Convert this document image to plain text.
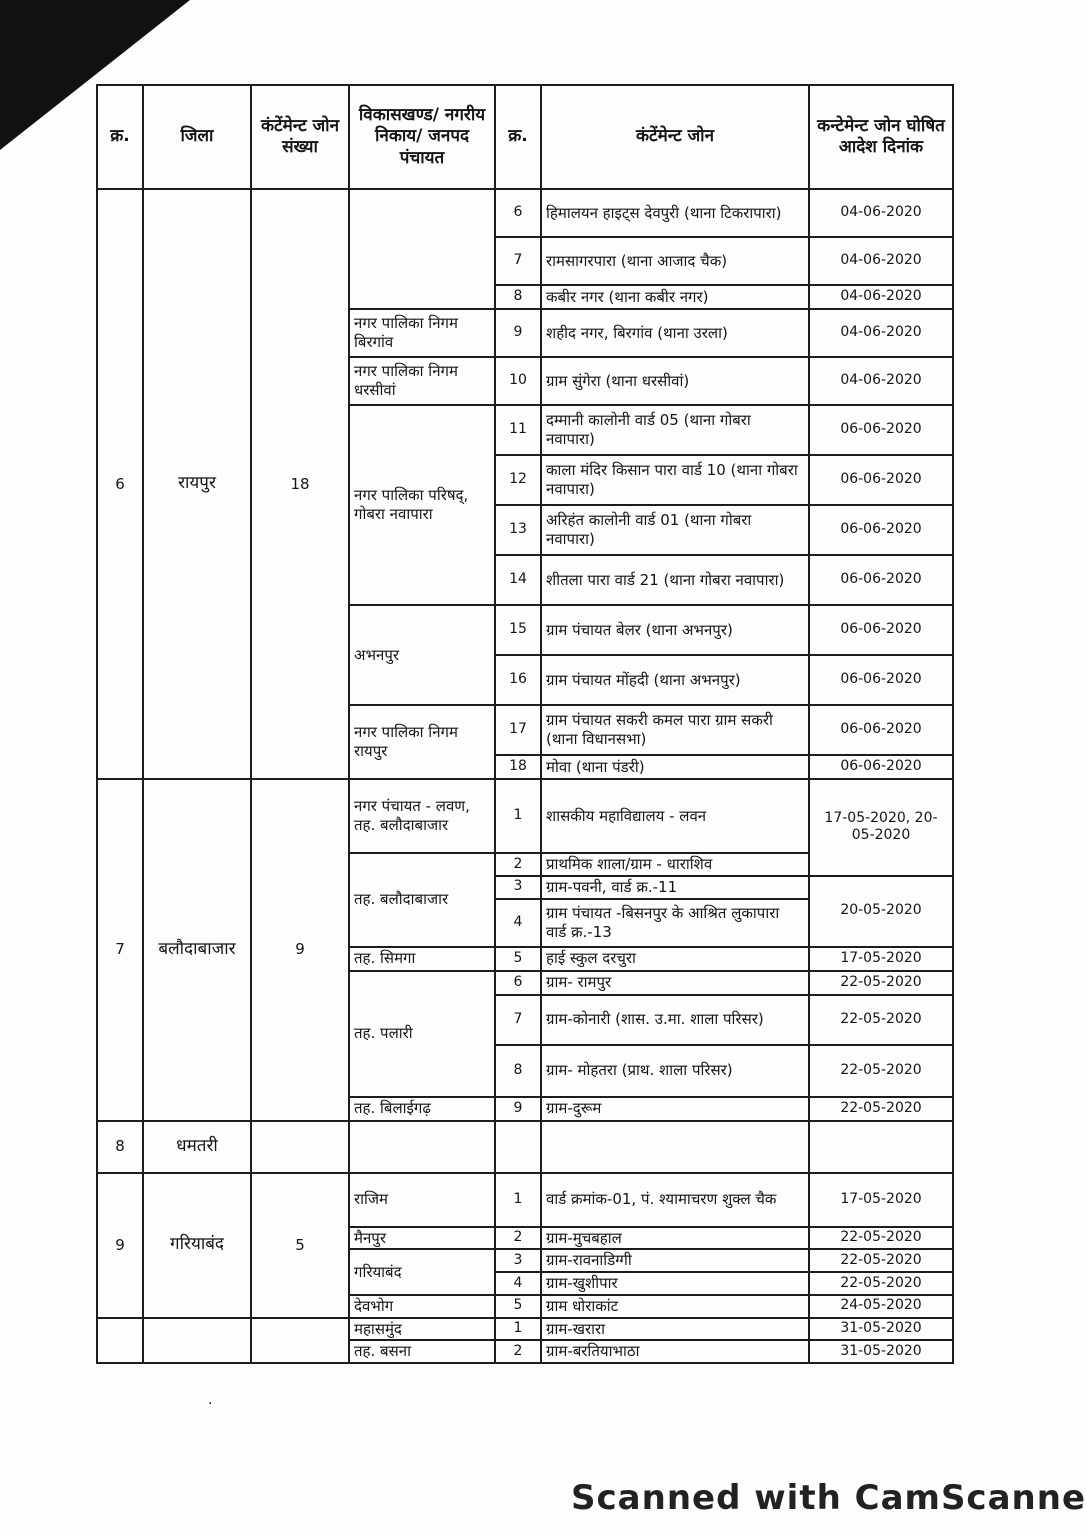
क्र.	जिला	कंटेंमेन्ट जोन संख्या	विकासखण्ड/ नगरीय निकाय/ जनपद पंचायत	क्र.	कंटेंमेन्ट जोन	कन्टेमेन्ट जोन घोषित आदेश दिनांक
6	रायपुर	18		6	हिमालयन हाइट्स देवपुरी (थाना टिकरापारा)	04-06-2020
				7	रामसागरपारा (थाना आजाद चैक)	04-06-2020
				8	कबीर नगर (थाना कबीर नगर)	04-06-2020
			नगर पालिका निगम बिरगांव	9	शहीद नगर, बिरगांव (थाना उरला)	04-06-2020
			नगर पालिका निगम धरसीवां	10	ग्राम सुंगेरा (थाना धरसीवां)	04-06-2020
			नगर पालिका परिषद्, गोबरा नवापारा	11	दम्मानी कालोनी वार्ड 05 (थाना गोबरा नवापारा)	06-06-2020
				12	काला मंदिर किसान पारा वार्ड 10 (थाना गोबरा नवापारा)	06-06-2020
				13	अरिहंत कालोनी वार्ड 01 (थाना गोबरा नवापारा)	06-06-2020
				14	शीतला पारा वार्ड 21 (थाना गोबरा नवापारा)	06-06-2020
			अभनपुर	15	ग्राम पंचायत बेलर (थाना अभनपुर)	06-06-2020
				16	ग्राम पंचायत मोंहदी (थाना अभनपुर)	06-06-2020
			नगर पालिका निगम रायपुर	17	ग्राम पंचायत सकरी कमल पारा ग्राम सकरी (थाना विधानसभा)	06-06-2020
				18	मोवा (थाना पंडरी)	06-06-2020
7	बलौदाबाजार	9	नगर पंचायत - लवण, तह. बलौदाबाजार	1	शासकीय महाविद्यालय - लवन	17-05-2020, 20-05-2020
			तह. बलौदाबाजार	2	प्राथमिक शाला/ग्राम - धाराशिव	
				3	ग्राम-पवनी, वार्ड क्र.-11	20-05-2020
				4	ग्राम पंचायत -बिसनपुर के आश्रित लुकापारा वार्ड क्र.-13	
			तह. सिमगा	5	हाई स्कुल दरचुरा	17-05-2020
			तह. पलारी	6	ग्राम- रामपुर	22-05-2020
				7	ग्राम-कोनारी (शास. उ.मा. शाला परिसर)	22-05-2020
				8	ग्राम- मोहतरा (प्राथ. शाला परिसर)	22-05-2020
			तह. बिलाईगढ़	9	ग्राम-दुरूम	22-05-2020
8	धमतरी					
9	गरियाबंद	5	राजिम	1	वार्ड क्रमांक-01, पं. श्यामाचरण शुक्ल चैक	17-05-2020
			मैनपुर	2	ग्राम-मुचबहाल	22-05-2020
			गरियाबंद	3	ग्राम-रावनाडिग्गी	22-05-2020
				4	ग्राम-खुशीपार	22-05-2020
			देवभोग	5	ग्राम धोराकांट	24-05-2020
			महासमुंद	1	ग्राम-खरारा	31-05-2020
			तह. बसना	2	ग्राम-बरतियाभाठा	31-05-2020
.
Scanned with CamScanne
